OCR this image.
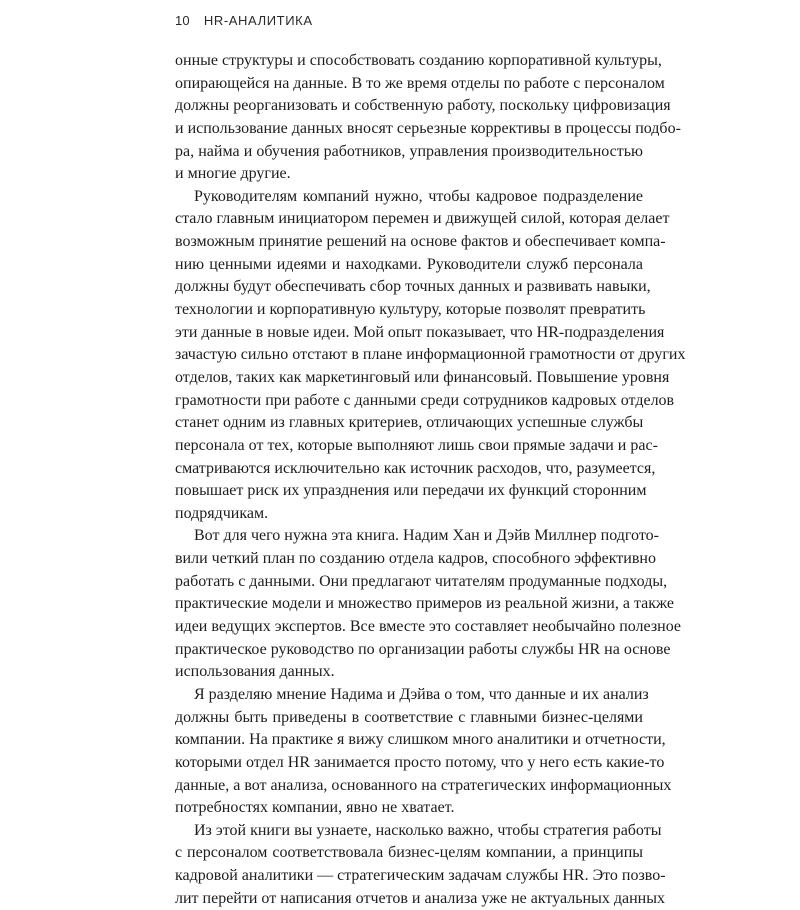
10 HR-АНАЛИТИКА
онные структуры и способствовать созданию корпоративной культуры,
опирающейся на данные. В то же время отделы по работе с персоналом
должны реорганизовать и собственную работу, поскольку цифровизация
и использование данных вносят серьезные коррективы в процессы подбо-
ра, найма и обучения работников, управления производительностью
и многие другие.
Руководителям компаний нужно, чтобы кадровое подразделение
стало главным инициатором перемен и движущей силой, которая делает
возможным принятие решений на основе фактов и обеспечивает компа-
нию ценными идеями и находками. Руководители служб персонала
должны будут обеспечивать сбор точных данных и развивать навыки,
технологии и корпоративную культуру, которые позволят превратить
эти данные в новые идеи. Мой опыт показывает, что HR-подразделения
зачастую сильно отстают в плане информационной грамотности от других
отделов, таких как маркетинговый или финансовый. Повышение уровня
грамотности при работе с данными среди сотрудников кадровых отделов
станет одним из главных критериев, отличающих успешные службы
персонала от тех, которые выполняют лишь свои прямые задачи и рас-
сматриваются исключительно как источник расходов, что, разумеется,
повышает риск их упразднения или передачи их функций сторонним
подрядчикам.
Вот для чего нужна эта книга. Надим Хан и Дэйв Миллнер подгото-
вили четкий план по созданию отдела кадров, способного эффективно
работать с данными. Они предлагают читателям продуманные подходы,
практические модели и множество примеров из реальной жизни, а также
идеи ведущих экспертов. Все вместе это составляет необычайно полезное
практическое руководство по организации работы службы HR на основе
использования данных.
Я разделяю мнение Надима и Дэйва о том, что данные и их анализ
должны быть приведены в соответствие с главными бизнес-целями
компании. На практике я вижу слишком много аналитики и отчетности,
которыми отдел HR занимается просто потому, что у него есть какие-то
данные, а вот анализа, основанного на стратегических информационных
потребностях компании, явно не хватает.
Из этой книги вы узнаете, насколько важно, чтобы стратегия работы
с персоналом соответствовала бизнес-целям компании, а принципы
кадровой аналитики — стратегическим задачам службы HR. Это позво-
лит перейти от написания отчетов и анализа уже не актуальных данных
